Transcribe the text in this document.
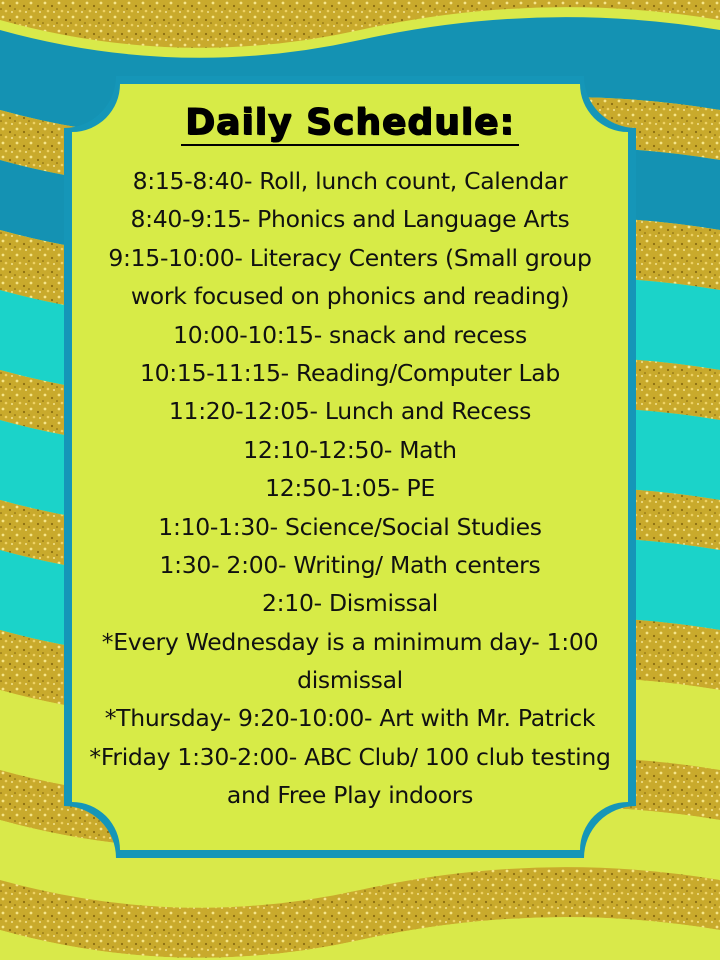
Daily Schedule:
8:15-8:40- Roll, lunch count, Calendar
8:40-9:15- Phonics and Language Arts
9:15-10:00- Literacy Centers (Small group
work focused on phonics and reading)
10:00-10:15- snack and recess
10:15-11:15- Reading/Computer Lab
11:20-12:05- Lunch and Recess
12:10-12:50- Math
12:50-1:05- PE
1:10-1:30- Science/Social Studies
1:30- 2:00- Writing/ Math centers
2:10- Dismissal
*Every Wednesday is a minimum day- 1:00
dismissal
*Thursday- 9:20-10:00- Art with Mr. Patrick
*Friday 1:30-2:00- ABC Club/ 100 club testing
and Free Play indoors
